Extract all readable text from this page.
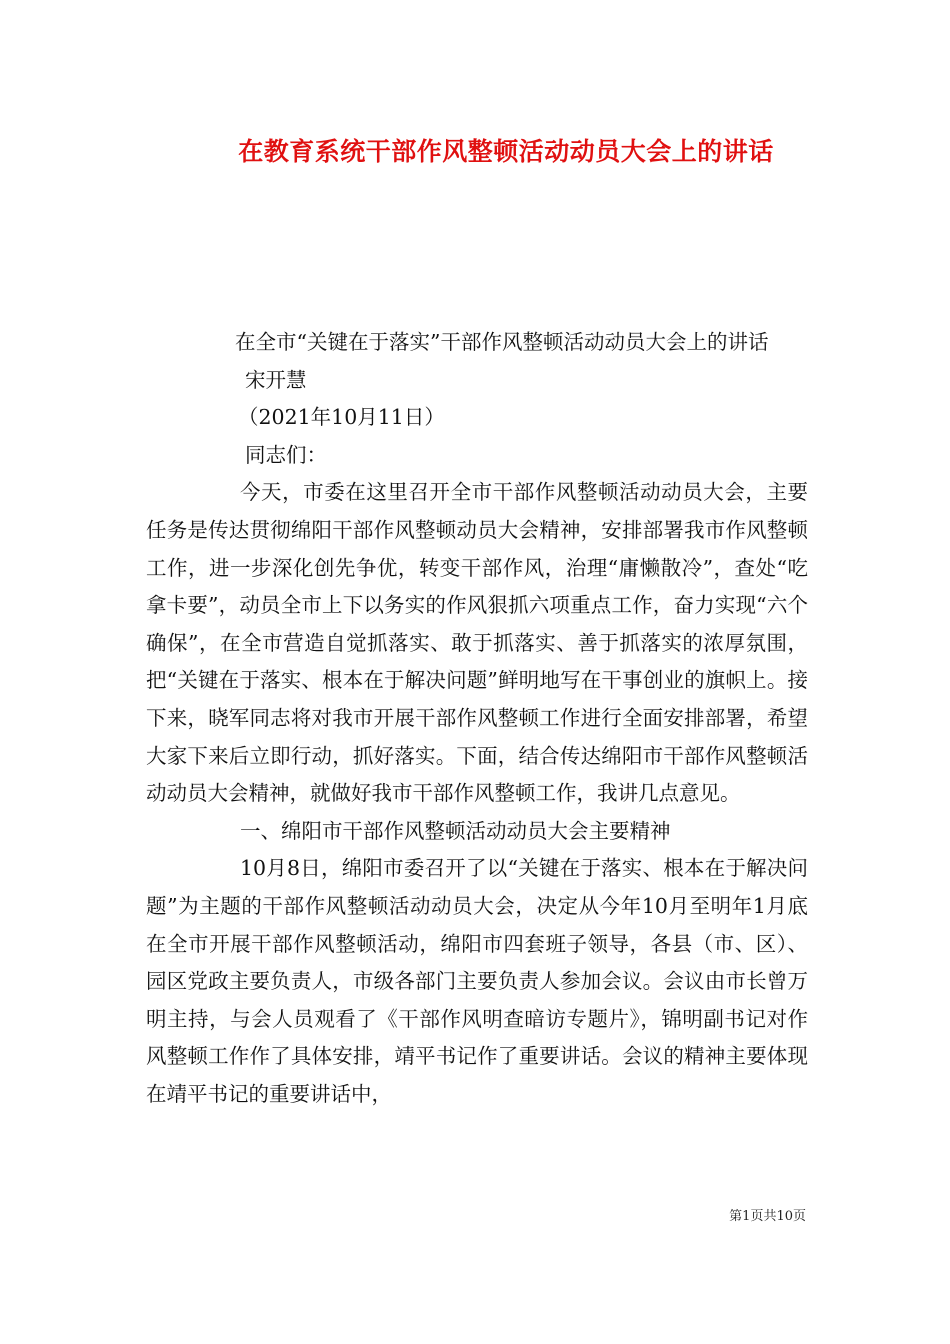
在教育系统干部作风整顿活动动员大会上的讲话

在全市“关键在于落实”干部作风整顿活动动员大会上的讲话

宋开慧

（2021年10月11日）

同志们：

今天，市委在这里召开全市干部作风整顿活动动员大会，主要任务是传达贯彻绵阳干部作风整顿动员大会精神，安排部署我市作风整顿工作，进一步深化创先争优，转变干部作风，治理“庸懒散冷”，查处“吃拿卡要”，动员全市上下以务实的作风狠抓六项重点工作，奋力实现“六个确保”，在全市营造自觉抓落实、敢于抓落实、善于抓落实的浓厚氛围，把“关键在于落实、根本在于解决问题”鲜明地写在干事创业的旗帜上。接下来，晓军同志将对我市开展干部作风整顿工作进行全面安排部署，希望大家下来后立即行动，抓好落实。下面，结合传达绵阳市干部作风整顿活动动员大会精神，就做好我市干部作风整顿工作，我讲几点意见。

一、绵阳市干部作风整顿活动动员大会主要精神

10月8日，绵阳市委召开了以“关键在于落实、根本在于解决问题”为主题的干部作风整顿活动动员大会，决定从今年10月至明年1月底在全市开展干部作风整顿活动，绵阳市四套班子领导，各县（市、区）、园区党政主要负责人，市级各部门主要负责人参加会议。会议由市长曾万明主持，与会人员观看了《干部作风明查暗访专题片》，锦明副书记对作风整顿工作作了具体安排，靖平书记作了重要讲话。会议的精神主要体现在靖平书记的重要讲话中，

第1页共10页
